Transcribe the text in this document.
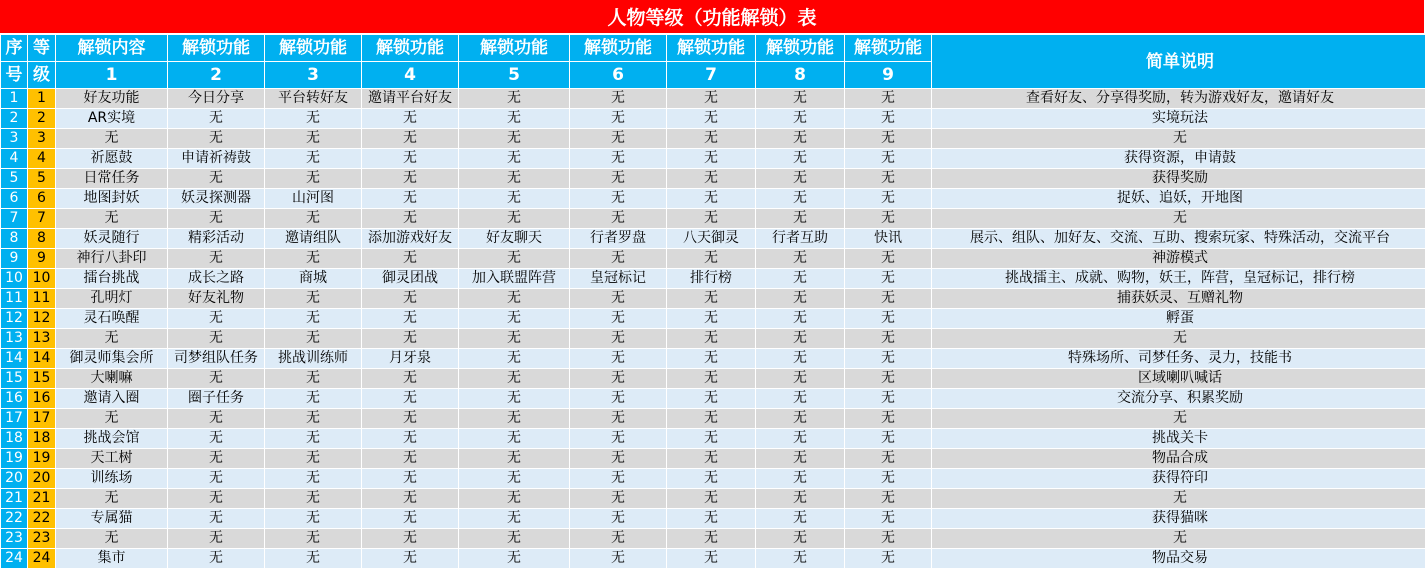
人物等级（功能解锁）表
序	等	解锁内容	解锁功能	解锁功能	解锁功能	解锁功能	解锁功能	解锁功能	解锁功能	解锁功能	简单说明
号	级	1	2	3	4	5	6	7	8	9	
1	1	好友功能	今日分享	平台转好友	邀请平台好友	无	无	无	无	无	查看好友、分享得奖励，转为游戏好友，邀请好友
2	2	AR实境	无	无	无	无	无	无	无	无	实境玩法
3	3	无	无	无	无	无	无	无	无	无	无
4	4	祈愿鼓	申请祈祷鼓	无	无	无	无	无	无	无	获得资源，申请鼓
5	5	日常任务	无	无	无	无	无	无	无	无	获得奖励
6	6	地图封妖	妖灵探测器	山河图	无	无	无	无	无	无	捉妖、追妖，开地图
7	7	无	无	无	无	无	无	无	无	无	无
8	8	妖灵随行	精彩活动	邀请组队	添加游戏好友	好友聊天	行者罗盘	八天御灵	行者互助	快讯	展示、组队、加好友、交流、互助、搜索玩家、特殊活动，交流平台
9	9	神行八卦印	无	无	无	无	无	无	无	无	神游模式
10	10	擂台挑战	成长之路	商城	御灵团战	加入联盟阵营	皇冠标记	排行榜	无	无	挑战擂主、成就、购物，妖王，阵营，皇冠标记，排行榜
11	11	孔明灯	好友礼物	无	无	无	无	无	无	无	捕获妖灵、互赠礼物
12	12	灵石唤醒	无	无	无	无	无	无	无	无	孵蛋
13	13	无	无	无	无	无	无	无	无	无	无
14	14	御灵师集会所	司梦组队任务	挑战训练师	月牙泉	无	无	无	无	无	特殊场所、司梦任务、灵力，技能书
15	15	大喇嘛	无	无	无	无	无	无	无	无	区域喇叭喊话
16	16	邀请入圈	圈子任务	无	无	无	无	无	无	无	交流分享、积累奖励
17	17	无	无	无	无	无	无	无	无	无	无
18	18	挑战会馆	无	无	无	无	无	无	无	无	挑战关卡
19	19	天工树	无	无	无	无	无	无	无	无	物品合成
20	20	训练场	无	无	无	无	无	无	无	无	获得符印
21	21	无	无	无	无	无	无	无	无	无	无
22	22	专属猫	无	无	无	无	无	无	无	无	获得猫咪
23	23	无	无	无	无	无	无	无	无	无	无
24	24	集市	无	无	无	无	无	无	无	无	物品交易
